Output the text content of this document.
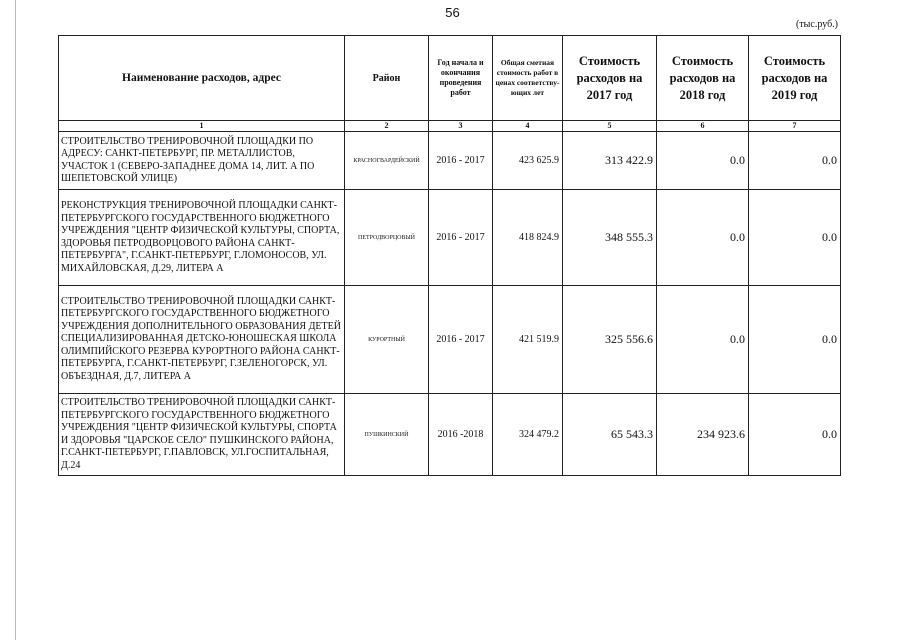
56
(тыс.руб.)
Наименование расходов, адрес	Район	Год начала и окончания проведения работ	Общая сметная стоимость работ в ценах соответству-ющих лет	Стоимость расходов на 2017 год	Стоимость расходов на 2018 год	Стоимость расходов на 2019 год
1	2	3	4	5	6	7
СТРОИТЕЛЬСТВО ТРЕНИРОВОЧНОЙ ПЛОЩАДКИ ПО АДРЕСУ: САНКТ-ПЕТЕРБУРГ, ПР. МЕТАЛЛИСТОВ, УЧАСТОК 1 (СЕВЕРО-ЗАПАДНЕЕ ДОМА 14, ЛИТ. А ПО ШЕПЕТОВСКОЙ УЛИЦЕ)	КРАСНОГВАРДЕЙСКИЙ	2016 - 2017	423 625.9	313 422.9	0.0	0.0
РЕКОНСТРУКЦИЯ ТРЕНИРОВОЧНОЙ ПЛОЩАДКИ САНКТ-ПЕТЕРБУРГСКОГО ГОСУДАРСТВЕННОГО БЮДЖЕТНОГО УЧРЕЖДЕНИЯ "ЦЕНТР ФИЗИЧЕСКОЙ КУЛЬТУРЫ, СПОРТА, ЗДОРОВЬЯ ПЕТРОДВОРЦОВОГО РАЙОНА САНКТ-ПЕТЕРБУРГА", Г.САНКТ-ПЕТЕРБУРГ, Г.ЛОМОНОСОВ, УЛ. МИХАЙЛОВСКАЯ, Д.29, ЛИТЕРА А	ПЕТРОДВОРЦОВЫЙ	2016 - 2017	418 824.9	348 555.3	0.0	0.0
СТРОИТЕЛЬСТВО ТРЕНИРОВОЧНОЙ ПЛОЩАДКИ САНКТ-ПЕТЕРБУРГСКОГО ГОСУДАРСТВЕННОГО БЮДЖЕТНОГО УЧРЕЖДЕНИЯ ДОПОЛНИТЕЛЬНОГО ОБРАЗОВАНИЯ ДЕТЕЙ СПЕЦИАЛИЗИРОВАННАЯ ДЕТСКО-ЮНОШЕСКАЯ ШКОЛА ОЛИМПИЙСКОГО РЕЗЕРВА КУРОРТНОГО РАЙОНА САНКТ-ПЕТЕРБУРГА, Г.САНКТ-ПЕТЕРБУРГ, Г.ЗЕЛЕНОГОРСК, УЛ. ОБЪЕЗДНАЯ, Д.7, ЛИТЕРА А	КУРОРТНЫЙ	2016 - 2017	421 519.9	325 556.6	0.0	0.0
СТРОИТЕЛЬСТВО ТРЕНИРОВОЧНОЙ ПЛОЩАДКИ САНКТ-ПЕТЕРБУРГСКОГО ГОСУДАРСТВЕННОГО БЮДЖЕТНОГО УЧРЕЖДЕНИЯ "ЦЕНТР ФИЗИЧЕСКОЙ КУЛЬТУРЫ, СПОРТА И ЗДОРОВЬЯ "ЦАРСКОЕ СЕЛО" ПУШКИНСКОГО РАЙОНА, Г.САНКТ-ПЕТЕРБУРГ, Г.ПАВЛОВСК, УЛ.ГОСПИТАЛЬНАЯ, Д.24	ПУШКИНСКИЙ	2016 -2018	324 479.2	65 543.3	234 923.6	0.0
